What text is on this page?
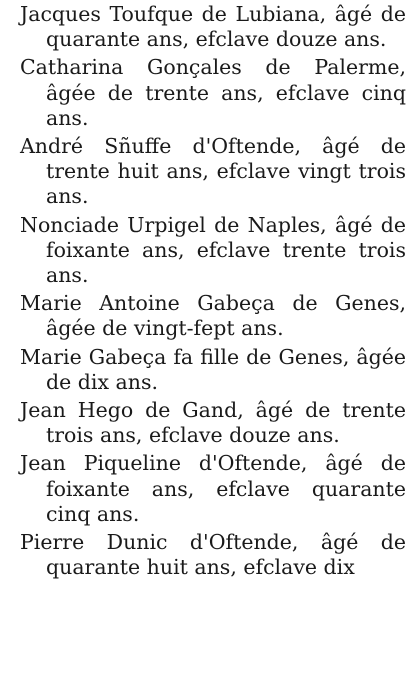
Jacques Toufque de Lubiana, âgé de quarante ans, efclave douze ans.

Catharina Gonçales de Palerme, âgée de trente ans, efclave cinq ans.

André Sñuffe d'Oftende, âgé de trente huit ans, efclave vingt trois ans.

Nonciade Urpigel de Naples, âgé de foixante ans, efclave trente trois ans.

Marie Antoine Gabeça de Genes, âgée de vingt-fept ans.

Marie Gabeça fa fille de Genes, âgée de dix ans.

Jean Hego de Gand, âgé de trente trois ans, efclave douze ans.

Jean Piqueline d'Oftende, âgé de foixante ans, efclave quarante cinq ans.

Pierre Dunic d'Oftende, âgé de quarante huit ans, efclave dix
